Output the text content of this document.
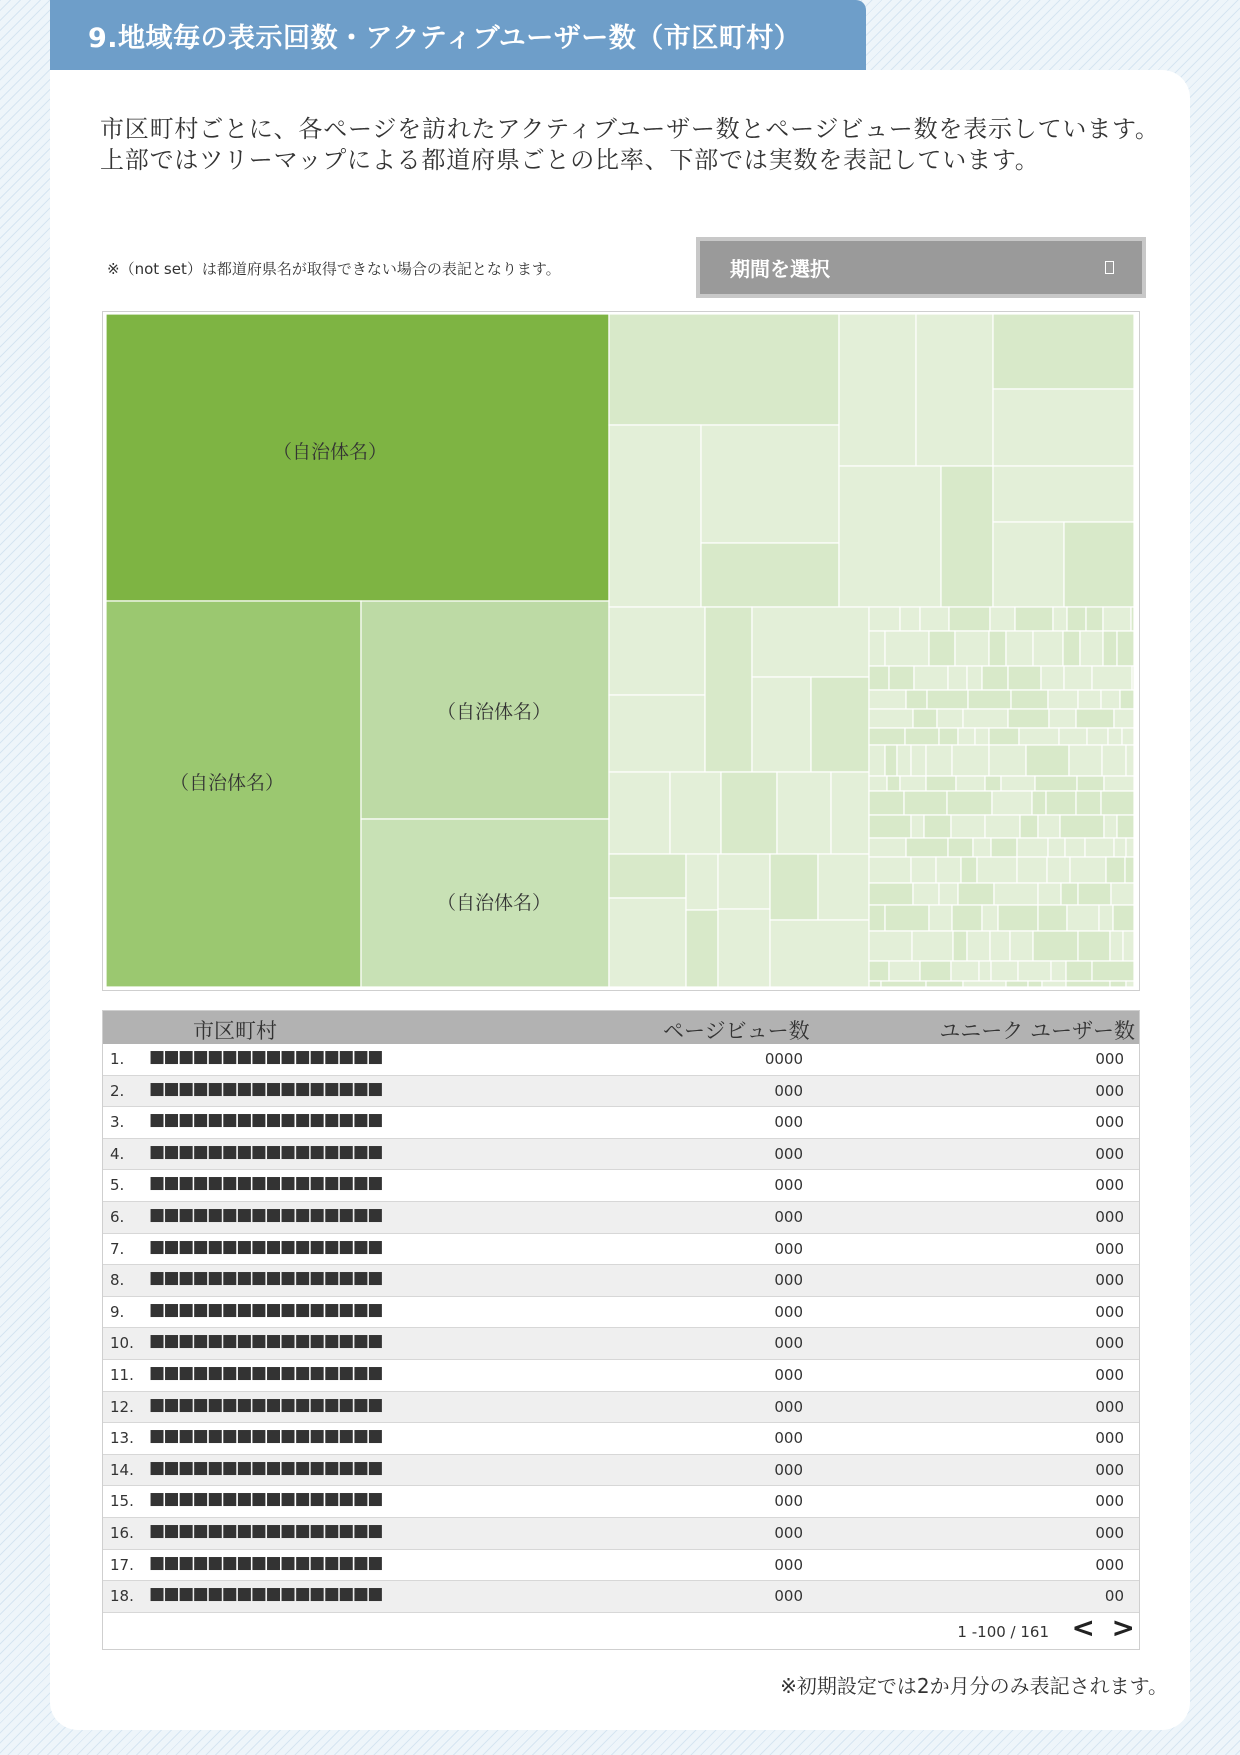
9.地域毎の表示回数・アクティブユーザー数（市区町村）
市区町村ごとに、各ページを訪れたアクティブユーザー数とページビュー数を表示しています。
上部ではツリーマップによる都道府県ごとの比率、下部では実数を表記しています。
※（not set）は都道府県名が取得できない場合の表記となります。	期間を選択
（自治体名）
（自治体名）
（自治体名）
（自治体名）
市区町村	ページビュー数	ユニーク ユーザー数
1. ■■■■■■■■■■■■■■■■	0000	000
2. ■■■■■■■■■■■■■■■■	000	000
3. ■■■■■■■■■■■■■■■■	000	000
4. ■■■■■■■■■■■■■■■■	000	000
5. ■■■■■■■■■■■■■■■■	000	000
6. ■■■■■■■■■■■■■■■■	000	000
7. ■■■■■■■■■■■■■■■■	000	000
8. ■■■■■■■■■■■■■■■■	000	000
9. ■■■■■■■■■■■■■■■■	000	000
10. ■■■■■■■■■■■■■■■■	000	000
11. ■■■■■■■■■■■■■■■■	000	000
12. ■■■■■■■■■■■■■■■■	000	000
13. ■■■■■■■■■■■■■■■■	000	000
14. ■■■■■■■■■■■■■■■■	000	000
15. ■■■■■■■■■■■■■■■■	000	000
16. ■■■■■■■■■■■■■■■■	000	000
17. ■■■■■■■■■■■■■■■■	000	000
18. ■■■■■■■■■■■■■■■■	000	00
1 -100 / 161 < >
※初期設定では2か月分のみ表記されます。
